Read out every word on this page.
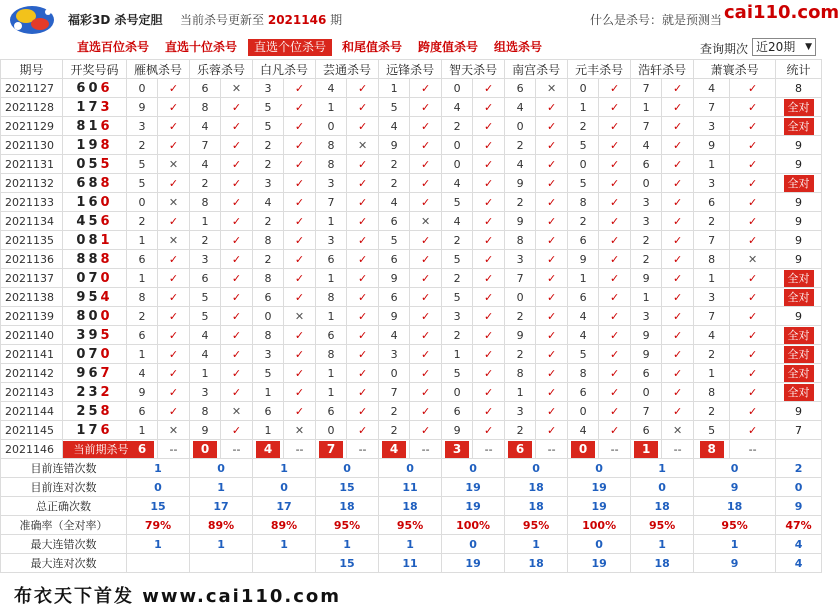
福彩3D 杀号定胆 当前杀号更新至 2021146 期	什么是杀号：就是预测当 cai110.com
直选百位杀号 直选十位杀号	直选个位杀号	和尾值杀号 跨度值杀号 组选杀号	查询期次 近20期 ▼
期号	开奖号码	雁枫杀号		乐蓉杀号		白凡杀号		芸通杀号		远锋杀号		智天杀号		南宫杀号		元丰杀号		浩轩杀号		萧寰杀号		统计
2021127	606	0	✓	6	✕	3	✓	4	✓	1	✓	0	✓	6	✕	0	✓	7	✓	4	✓	8
2021128	173	9	✓	8	✓	5	✓	1	✓	5	✓	4	✓	4	✓	1	✓	1	✓	7	✓	全对
2021129	816	3	✓	4	✓	5	✓	0	✓	4	✓	2	✓	0	✓	2	✓	7	✓	3	✓	全对
2021130	198	2	✓	7	✓	2	✓	8	✕	9	✓	0	✓	2	✓	5	✓	4	✓	9	✓	9
2021131	055	5	✕	4	✓	2	✓	8	✓	2	✓	0	✓	4	✓	0	✓	6	✓	1	✓	9
2021132	688	5	✓	2	✓	3	✓	3	✓	2	✓	4	✓	9	✓	5	✓	0	✓	3	✓	全对
2021133	160	0	✕	8	✓	4	✓	7	✓	4	✓	5	✓	2	✓	8	✓	3	✓	6	✓	9
2021134	456	2	✓	1	✓	2	✓	1	✓	6	✕	4	✓	9	✓	2	✓	3	✓	2	✓	9
2021135	081	1	✕	2	✓	8	✓	3	✓	5	✓	2	✓	8	✓	6	✓	2	✓	7	✓	9
2021136	888	6	✓	3	✓	2	✓	6	✓	6	✓	5	✓	3	✓	9	✓	2	✓	8	✕	9
2021137	070	1	✓	6	✓	8	✓	1	✓	9	✓	2	✓	7	✓	1	✓	9	✓	1	✓	全对
2021138	954	8	✓	5	✓	6	✓	8	✓	6	✓	5	✓	0	✓	6	✓	1	✓	3	✓	全对
2021139	800	2	✓	5	✓	0	✕	1	✓	9	✓	3	✓	2	✓	4	✓	3	✓	7	✓	9
2021140	395	6	✓	4	✓	8	✓	6	✓	4	✓	2	✓	9	✓	4	✓	9	✓	4	✓	全对
2021141	070	1	✓	4	✓	3	✓	8	✓	3	✓	1	✓	2	✓	5	✓	9	✓	2	✓	全对
2021142	967	4	✓	1	✓	5	✓	1	✓	0	✓	5	✓	8	✓	8	✓	6	✓	1	✓	全对
2021143	232	9	✓	3	✓	1	✓	1	✓	7	✓	0	✓	1	✓	6	✓	0	✓	8	✓	全对
2021144	258	6	✓	8	✕	6	✓	6	✓	2	✓	6	✓	3	✓	0	✓	7	✓	2	✓	9
2021145	176	1	✕	9	✓	1	✕	0	✓	2	✓	9	✓	2	✓	4	✓	6	✕	5	✓	7
2021146	当前期杀号	6	--	0	--	4	--	7	--	4	--	3	--	6	--	0	--	1	--	8	--	
目前连错次数		1		0		1		0		0		0		0		0		1		0		2
目前连对次数		0		1		0		15		11		19		18		19		0		9		0
总正确次数		15		17		17		18		18		19		18		19		18		18		9
准确率（全对率）		79%		89%		89%		95%		95%		100%		95%		100%		95%		95%		47%
最大连错次数		1		1		1		1		1		0		1		0		1		1		4
最大连对次数								15		11		19		18		19		18		9		4
布衣天下首发 www.cai110.com
